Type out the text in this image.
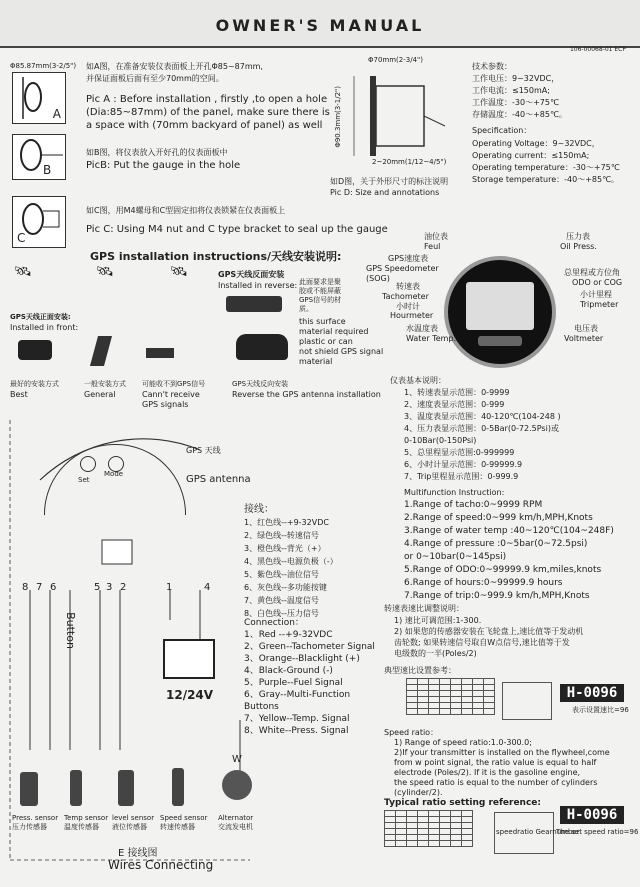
OWNER'S MANUAL
106-00068-01 ECP
Φ85.87mm(3-2/5")
A
如A图，在准备安装仪表面板上开孔Φ85~87mm,
并保证面板后面有至少70mm的空间。
Pic A : Before installation , firstly ,to open a hole
(Dia:85~87mm) of the panel, make sure there is
a space with (70mm backyard of panel) as well
B
如B图，将仪表放入开好孔的仪表面板中
PicB: Put the gauge in the hole
C
如C图，用M4螺母和C型固定扣将仪表锁紧在仪表面板上
Pic C: Using M4 nut and C type bracket to seal up the gauge
Φ70mm(2-3/4")
Φ90.3mm(3-1/2")
2~20mm(1/12~4/5")
如D图，关于外形尺寸的标注说明
Pic D: Size and annotations
技术参数：
工作电压：9~32VDC，
工作电流：≤150mA;
工作温度：-30～+75℃
存储温度：-40～+85℃。
Specification：
Operating Voltage：9~32VDC，
Operating current：≤150mA;
Operating temperature：-30～+75℃
Storage temperature：-40～+85℃。
GPS installation instructions/天线安装说明:
🛰	🛰	🛰	GPS天线反面安装
Installed in reverse: 此面要求是聚
胶或不能屏蔽
GPS信号的材
质。
this surface
material required
plastic or can
not shield GPS signal
material
GPS天线正面安装:
Installed in front:
最好的安装方式
Best
一般安装方式
General
可能收不到GPS信号
Cann't receive
GPS signals
GPS天线反向安装
Reverse the GPS antenna installation
油位表
Feul
GPS速度表
GPS Speedometer
(SOG)
转速表
Tachometer
小时计
Hourmeter
水温度表
Water Temp.
压力表
Oil Press.
总里程或方位角
ODO or COG
小计里程
Tripmeter
电压表
Voltmeter
仪表基本说明：
1、转速表显示范围：0-9999
2、速度表显示范围：0-999
3、温度表显示范围：40-120℃(104-248 )
4、压力表显示范围：0-5Bar(0-72.5Psi)或
0-10Bar(0-150Psi)
5、总里程显示范围:0-999999
6、小时计显示范围：0-99999.9
7、Trip里程显示范围：0-999.9
Multifunction Instruction:
1.Range of tacho:0~9999 RPM
2.Range of speed:0~999 km/h,MPH,Knots
3.Range of water temp :40~120℃(104~248F)
4.Range of pressure :0~5bar(0~72.5psi)
or 0~10bar(0~145psi)
5.Range of ODO:0~99999.9 km,miles,knots
6.Range of hours:0~99999.9 hours
7.Range of trip:0~999.9 km/h,MPH,Knots
Set
Mode
GPS 天线
GPS antenna
Button
8 7 6	5 3 2	1	4
12/24V
W
接线：
1、红色线--+9-32VDC
2、绿色线--转速信号
3、橙色线--背光（+）
4、黑色线--电源负极（-）
5、紫色线--油位信号
6、灰色线--多功能按键
7、黄色线--温度信号
8、白色线--压力信号
Connection：
1、Red --+9-32VDC
2、Green--Tachometer Signal
3、Orange--Blacklight (+)
4、Black-Ground (-)
5、Purple--Fuel Signal
6、Gray--Multi-Function
Buttons
7、Yellow--Temp. Signal
8、White--Press. Signal
Press. sensor
压力传感器
Temp sensor
温度传感器
level sensor
液位传感器
Speed sensor
转速传感器
Alternator
交流发电机
E 接线图
Wires Connecting
转速表速比调整说明：
1) 速比可调范围:1-300.
2) 如果您的传感器安装在飞轮盘上,速比值等于发动机
齿轮数; 如果转速信号取自W点信号,速比值等于发
电级数的一半(Poles/2)
典型速比设置参考：

H-0096
表示设置速比=96
Speed ratio：
1) Range of speed ratio:1.0-300.0;
2)If your transmitter is installed on the flywheel,come
from w point signal, the ratio value is equal to half
electrode (Poles/2). If it is the gasoline engine,
the speed ratio is equal to the number of cylinders
(cylinder/2).
Typical ratio setting reference:

speedratio Gearnumber
H-0096
The set speed ratio=96
